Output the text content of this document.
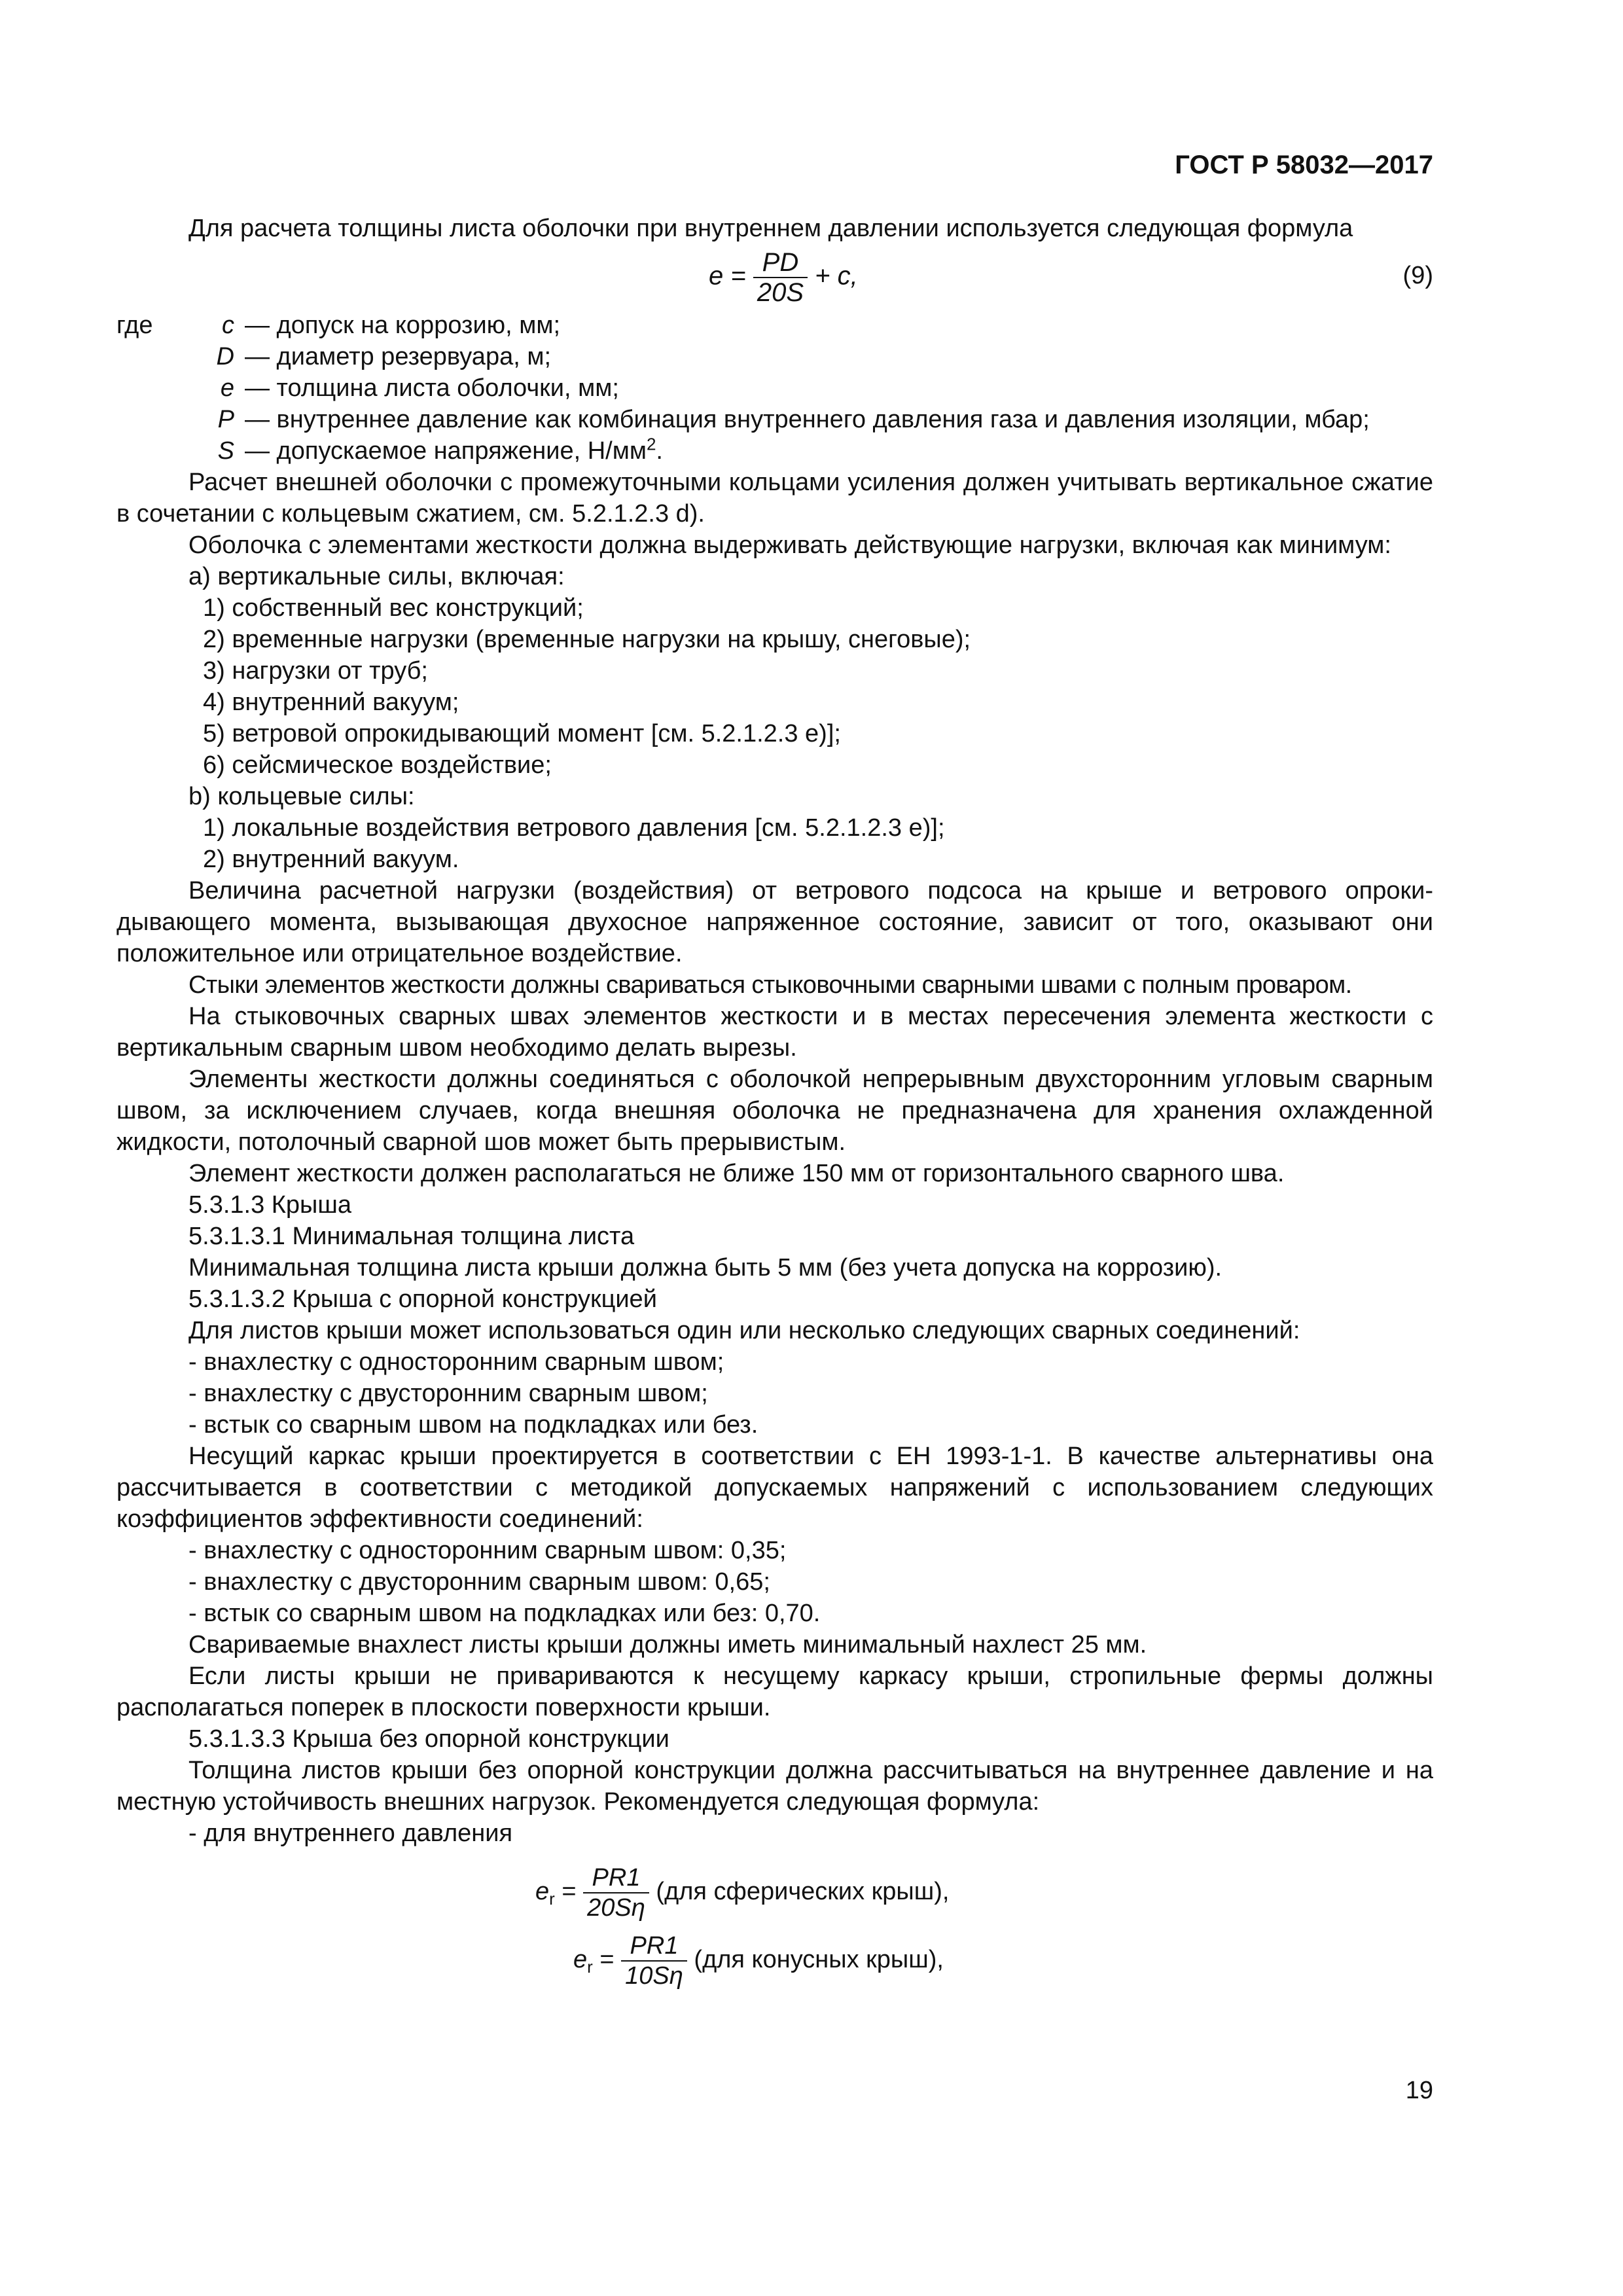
ГОСТ Р 58032—2017

Для расчета толщины листа оболочки при внутреннем давлении используется следующая формула

$e = \frac{PD}{20S} + c$,	(9)
где	c — допуск на коррозию, мм;
D — диаметр резервуара, м;
e — толщина листа оболочки, мм;
P — внутреннее давление как комбинация внутреннего давления газа и давления изоляции, мбар;
S — допускаемое напряжение, $Н/мм^2$.

Расчет внешней оболочки с промежуточными кольцами усиления должен учитывать вертикальное сжатие в сочетании с кольцевым сжатием, см. 5.2.1.2.3 d).

Оболочка с элементами жесткости должна выдерживать действующие нагрузки, включая как минимум:

a) вертикальные силы, включая:

1) собственный вес конструкций;

2) временные нагрузки (временные нагрузки на крышу, снеговые);

3) нагрузки от труб;

4) внутренний вакуум;

5) ветровой опрокидывающий момент [см. 5.2.1.2.3 e)];

6) сейсмическое воздействие;

b) кольцевые силы:

1) локальные воздействия ветрового давления [см. 5.2.1.2.3 e)];

2) внутренний вакуум.

Величина расчетной нагрузки (воздействия) от ветрового подсоса на крыше и ветрового опрокидывающего момента, вызывающая двухосное напряженное состояние, зависит от того, оказывают они положительное или отрицательное воздействие.

Стыки элементов жесткости должны свариваться стыковочными сварными швами с полным проваром.

На стыковочных сварных швах элементов жесткости и в местах пересечения элемента жесткости с вертикальным сварным швом необходимо делать вырезы.

Элементы жесткости должны соединяться с оболочкой непрерывным двухсторонним угловым сварным швом, за исключением случаев, когда внешняя оболочка не предназначена для хранения охлажденной жидкости, потолочный сварной шов может быть прерывистым.

Элемент жесткости должен располагаться не ближе 150 мм от горизонтального сварного шва.

5.3.1.3 Крыша

5.3.1.3.1 Минимальная толщина листа

Минимальная толщина листа крыши должна быть 5 мм (без учета допуска на коррозию).

5.3.1.3.2 Крыша с опорной конструкцией

Для листов крыши может использоваться один или несколько следующих сварных соединений:

- внахлестку с односторонним сварным швом;

- внахлестку с двусторонним сварным швом;

- встык со сварным швом на подкладках или без.

Несущий каркас крыши проектируется в соответствии с ЕН 1993-1-1. В качестве альтернативы она рассчитывается в соответствии с методикой допускаемых напряжений с использованием следующих коэффициентов эффективности соединений:

- внахлестку с односторонним сварным швом: 0,35;

- внахлестку с двусторонним сварным швом: 0,65;

- встык со сварным швом на подкладках или без: 0,70.

Свариваемые внахлест листы крыши должны иметь минимальный нахлест 25 мм.

Если листы крыши не привариваются к несущему каркасу крыши, стропильные фермы должны располагаться поперек в плоскости поверхности крыши.

5.3.1.3.3 Крыша без опорной конструкции

Толщина листов крыши без опорной конструкции должна рассчитываться на внутреннее давление и на местную устойчивость внешних нагрузок. Рекомендуется следующая формула:

- для внутреннего давления

$e_r = \frac{PR1}{20S\eta} (для$ сферических крыш),
$e_r = \frac{PR1}{10S\eta} (для$ конусных крыш),
19
